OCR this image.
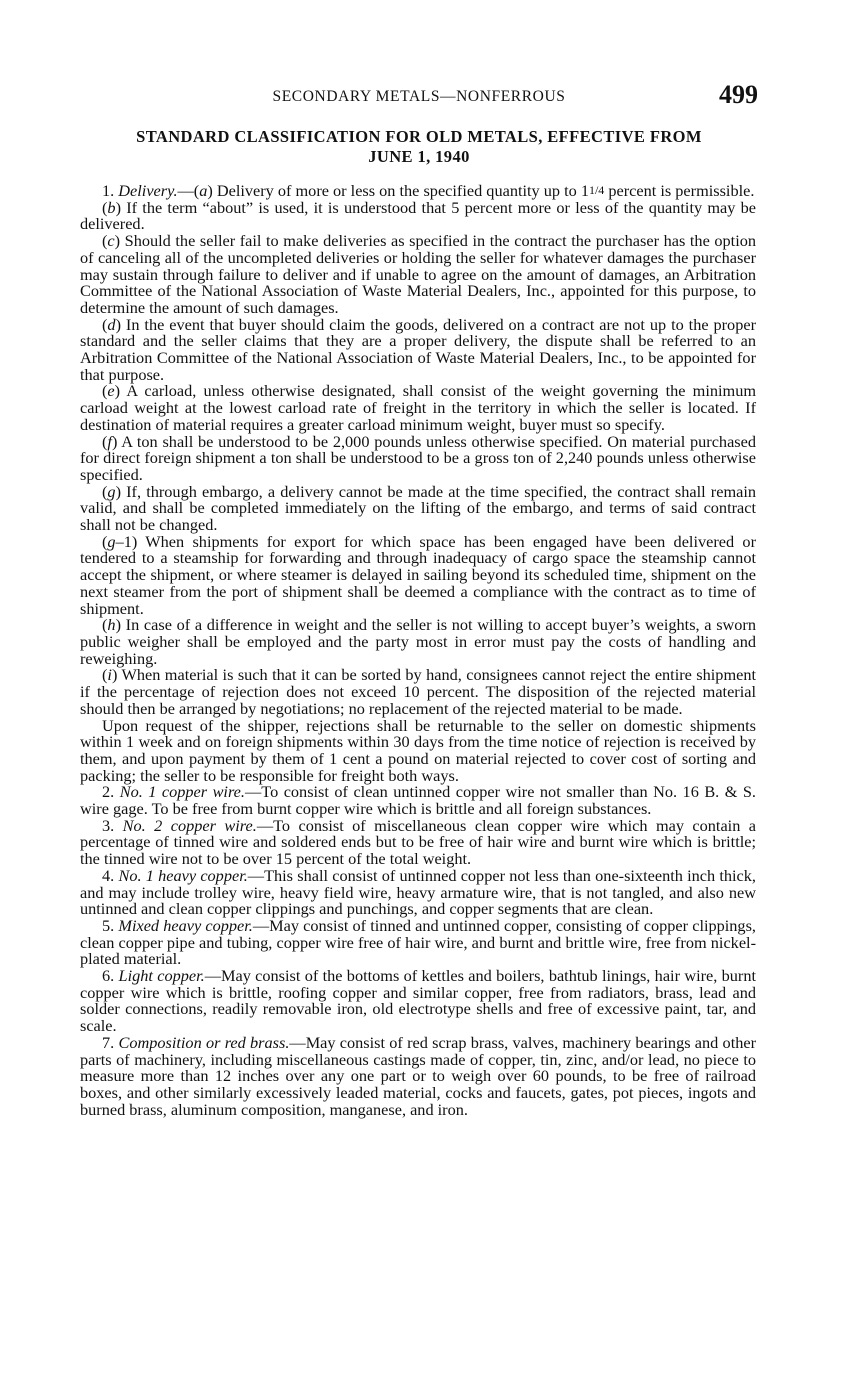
SECONDARY METALS—NONFERROUS	499
STANDARD CLASSIFICATION FOR OLD METALS, EFFECTIVE FROM
JUNE 1, 1940

1. Delivery.—(a) Delivery of more or less on the specified quantity up to 11/4 percent is permissible.

(b) If the term “about” is used, it is understood that 5 percent more or less of the quantity may be delivered.

(c) Should the seller fail to make deliveries as specified in the contract the purchaser has the option of canceling all of the uncompleted deliveries or holding the seller for whatever damages the purchaser may sustain through failure to deliver and if unable to agree on the amount of damages, an Arbitration Committee of the National Association of Waste Material Dealers, Inc., appointed for this purpose, to determine the amount of such damages.

(d) In the event that buyer should claim the goods, delivered on a contract are not up to the proper standard and the seller claims that they are a proper delivery, the dispute shall be referred to an Arbitration Committee of the National Association of Waste Material Dealers, Inc., to be appointed for that purpose.

(e) A carload, unless otherwise designated, shall consist of the weight governing the minimum carload weight at the lowest carload rate of freight in the territory in which the seller is located. If destination of material requires a greater carload minimum weight, buyer must so specify.

(f) A ton shall be understood to be 2,000 pounds unless otherwise specified. On material purchased for direct foreign shipment a ton shall be understood to be a gross ton of 2,240 pounds unless otherwise specified.

(g) If, through embargo, a delivery cannot be made at the time specified, the contract shall remain valid, and shall be completed immediately on the lifting of the embargo, and terms of said contract shall not be changed.

(g–1) When shipments for export for which space has been engaged have been delivered or tendered to a steamship for forwarding and through inadequacy of cargo space the steamship cannot accept the shipment, or where steamer is delayed in sailing beyond its scheduled time, shipment on the next steamer from the port of shipment shall be deemed a compliance with the contract as to time of shipment.

(h) In case of a difference in weight and the seller is not willing to accept buyer’s weights, a sworn public weigher shall be employed and the party most in error must pay the costs of handling and reweighing.

(i) When material is such that it can be sorted by hand, consignees cannot reject the entire shipment if the percentage of rejection does not exceed 10 percent. The disposition of the rejected material should then be arranged by negotiations; no replacement of the rejected material to be made.

Upon request of the shipper, rejections shall be returnable to the seller on domestic shipments within 1 week and on foreign shipments within 30 days from the time notice of rejection is received by them, and upon payment by them of 1 cent a pound on material rejected to cover cost of sorting and packing; the seller to be responsible for freight both ways.

2. No. 1 copper wire.—To consist of clean untinned copper wire not smaller than No. 16 B. & S. wire gage. To be free from burnt copper wire which is brittle and all foreign substances.

3. No. 2 copper wire.—To consist of miscellaneous clean copper wire which may contain a percentage of tinned wire and soldered ends but to be free of hair wire and burnt wire which is brittle; the tinned wire not to be over 15 percent of the total weight.

4. No. 1 heavy copper.—This shall consist of untinned copper not less than one-sixteenth inch thick, and may include trolley wire, heavy field wire, heavy armature wire, that is not tangled, and also new untinned and clean copper clippings and punchings, and copper segments that are clean.

5. Mixed heavy copper.—May consist of tinned and untinned copper, consisting of copper clippings, clean copper pipe and tubing, copper wire free of hair wire, and burnt and brittle wire, free from nickel-plated material.

6. Light copper.—May consist of the bottoms of kettles and boilers, bathtub linings, hair wire, burnt copper wire which is brittle, roofing copper and similar copper, free from radiators, brass, lead and solder connections, readily removable iron, old electrotype shells and free of excessive paint, tar, and scale.

7. Composition or red brass.—May consist of red scrap brass, valves, machinery bearings and other parts of machinery, including miscellaneous castings made of copper, tin, zinc, and/or lead, no piece to measure more than 12 inches over any one part or to weigh over 60 pounds, to be free of railroad boxes, and other similarly excessively leaded material, cocks and faucets, gates, pot pieces, ingots and burned brass, aluminum composition, manganese, and iron.
